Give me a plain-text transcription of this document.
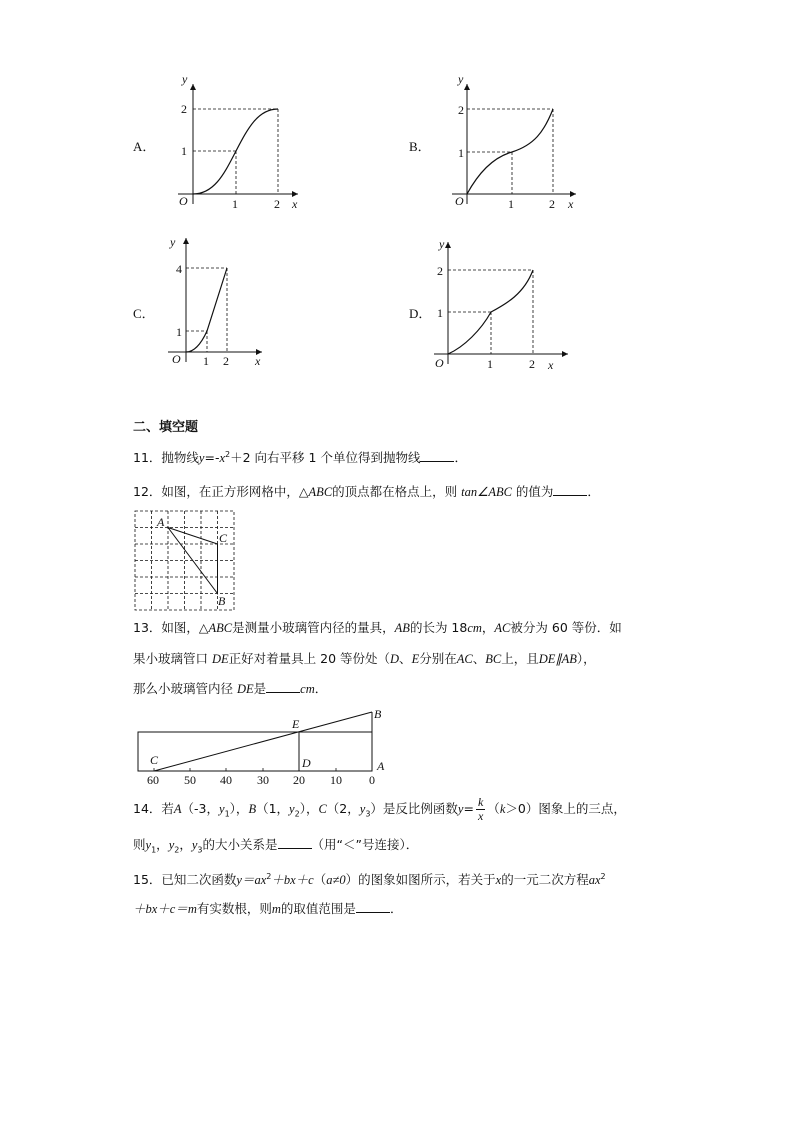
A．
y
x
O	1	2
1
2
B．
y
x
O	1	2
1
2
C．
y
x
O 1 2
1
4
D．
y
x
O	1	2
1
2
二、填空题
11．抛物线$y=-x^2+2$ 向右平移 1 个单位得到抛物线	．
12．如图，在正方形网格中，△ABC的顶点都在格点上，则 tan∠ABC 的值为	．
A
C
B
13．如图，△ABC是测量小玻璃管内径的量具，AB的长为 18cm，AC被分为 60 等份．如
果小玻璃管口 DE正好对着量具上 20 等份处（D、E分别在AC、BC上，且DE∥AB），
那么小玻璃管内径 DE是	cm．
B
E
C	D	A
60 50 40 30 20 10 0
14．若A（-3，$y_1$），B（1，$y_2$），C（2，$y_3$）是反比例函数$y= \frac{k}{x} (k>0)$图象上的三点，
则$y_1$，$y_2$，$y_3$的大小关系是	（用“＜”号连接）．
15．已知二次函数$y=ax^2+bx+c(a\ne 0)$的图象如图所示，若关于x的一元二次方程$ax^2$
＋bx＋c＝m有实数根，则m的取值范围是	．
